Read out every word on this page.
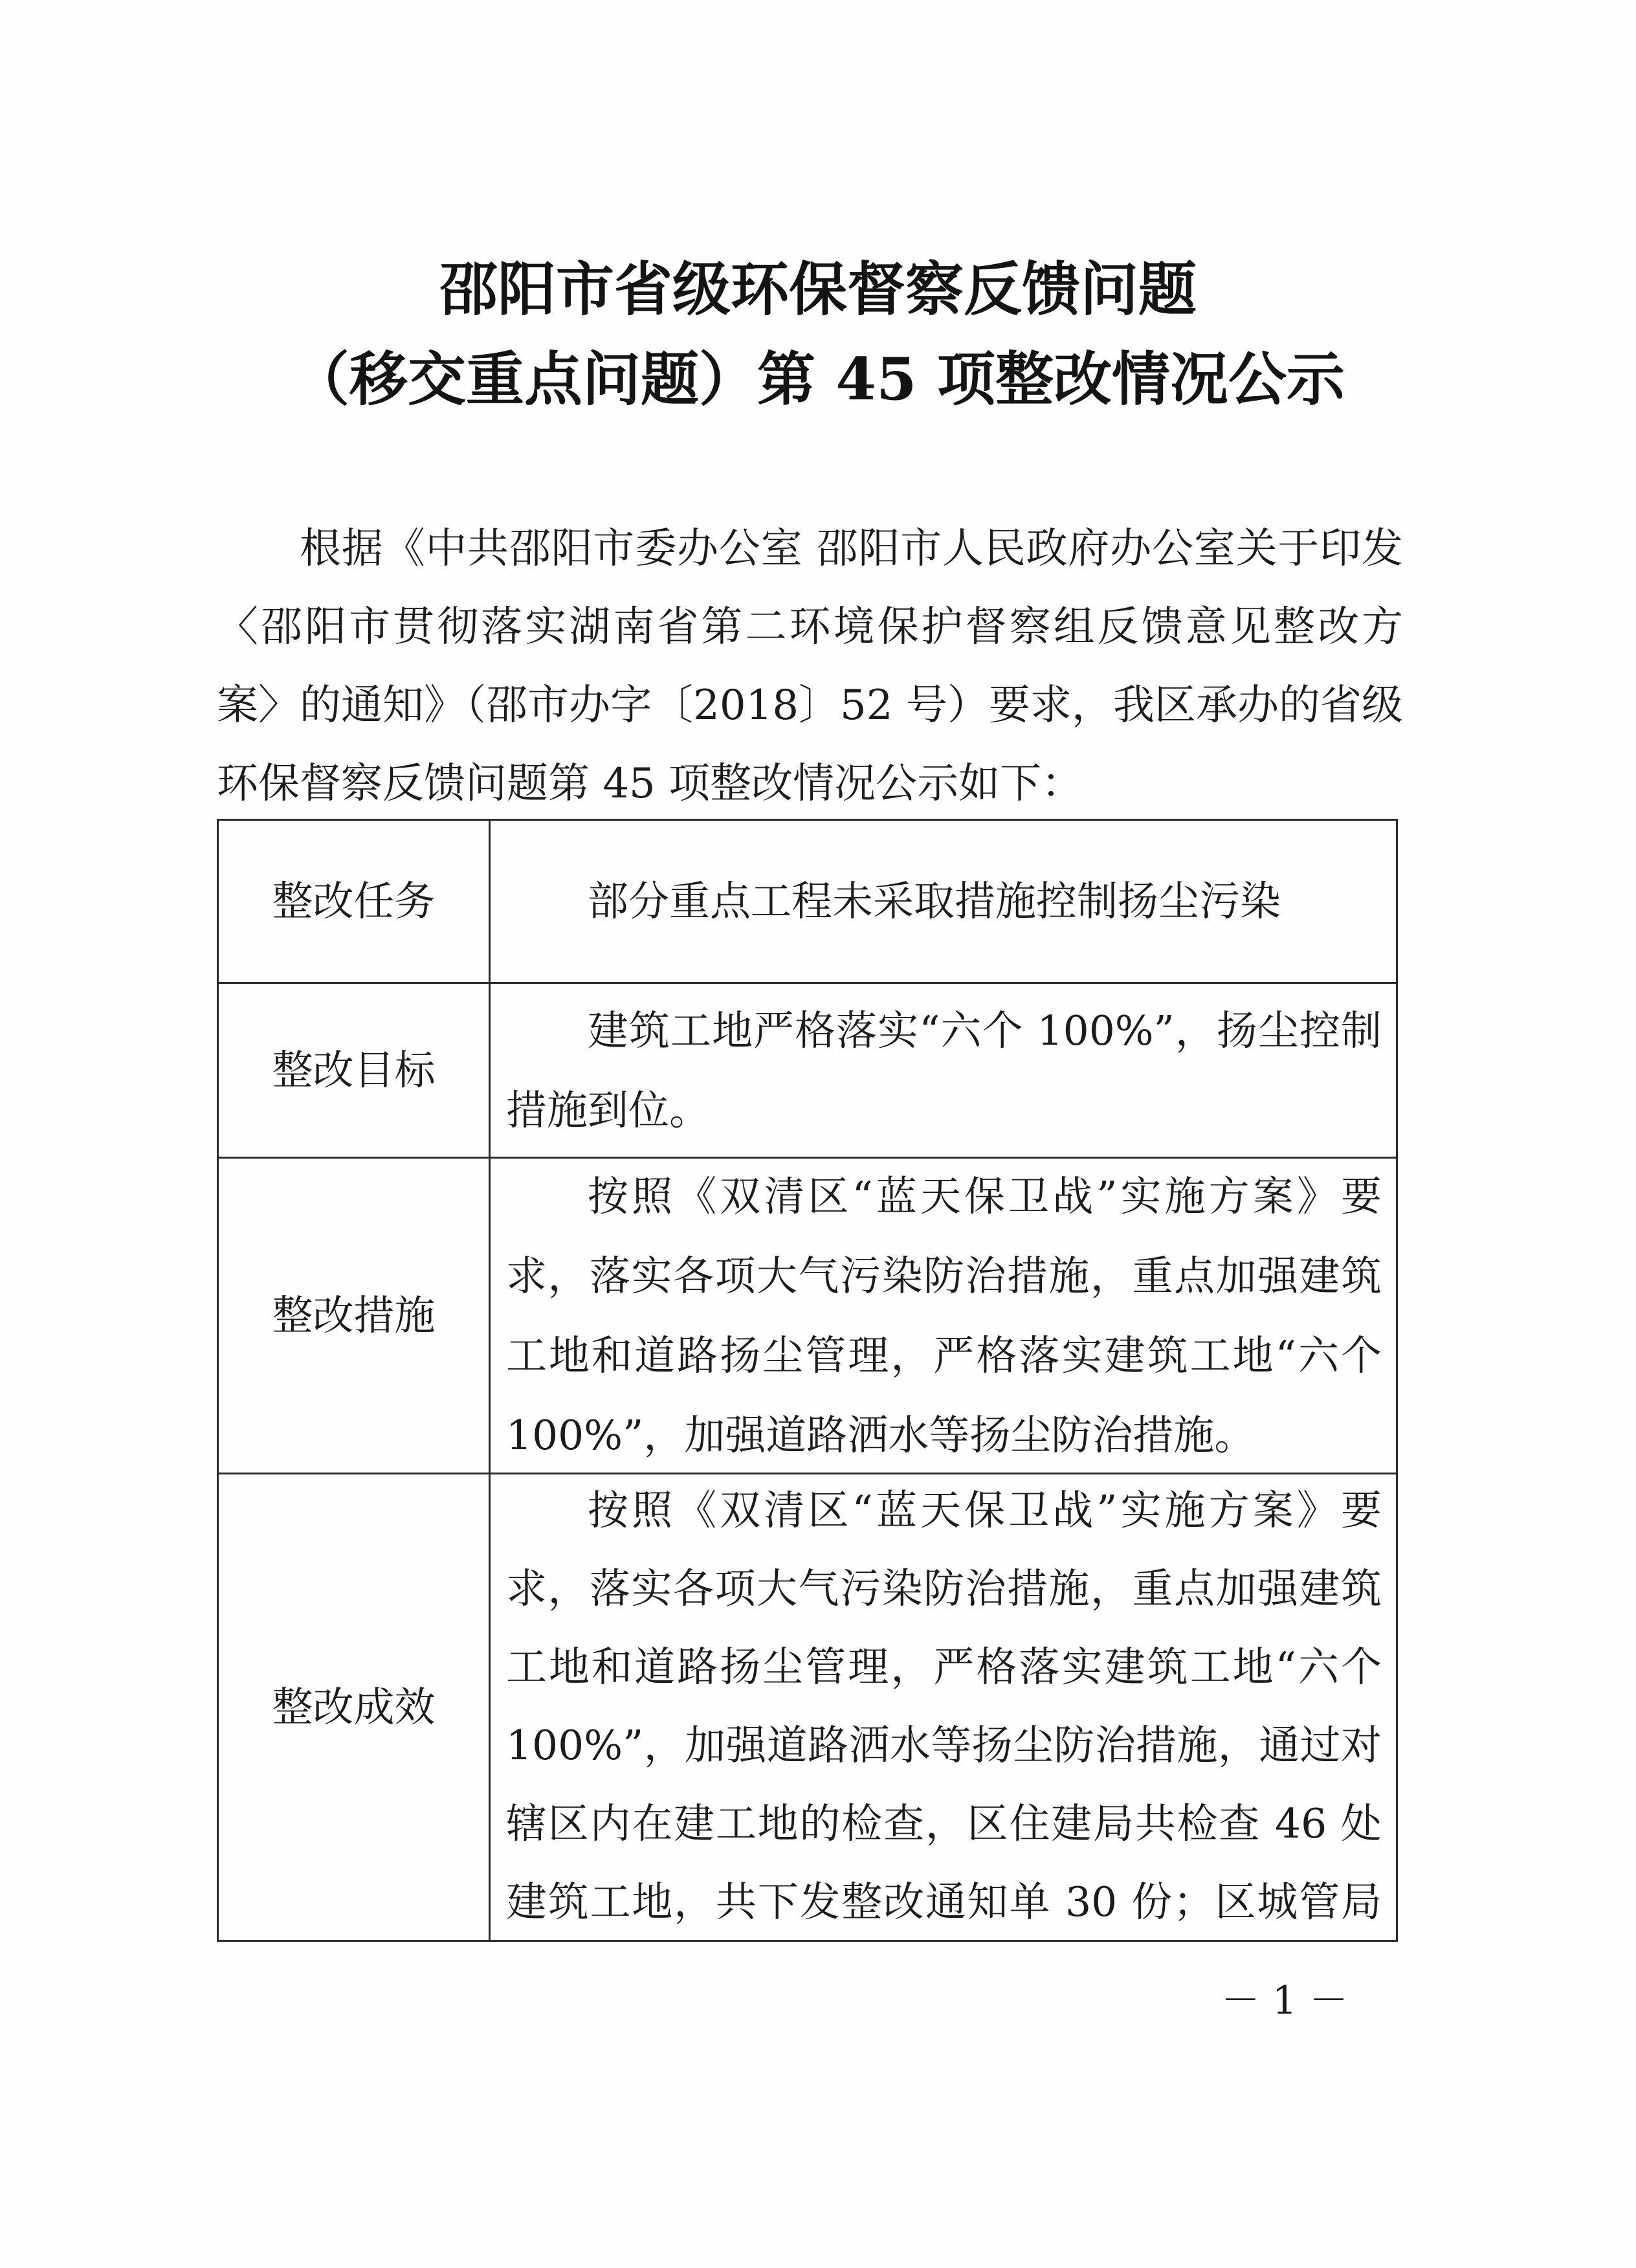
邵阳市省级环保督察反馈问题
（移交重点问题）第 45 项整改情况公示
根据《中共邵阳市委办公室 邵阳市人民政府办公室关于印发
〈邵阳市贯彻落实湖南省第二环境保护督察组反馈意见整改方
案〉的通知》（邵市办字〔2018〕52 号）要求，我区承办的省级
环保督察反馈问题第 45 项整改情况公示如下：
整改任务	部分重点工程未采取措施控制扬尘污染
整改目标
建筑工地严格落实“六个 100%”，扬尘控制
措施到位。
整改措施
按照《双清区“蓝天保卫战”实施方案》要
求，落实各项大气污染防治措施，重点加强建筑
工地和道路扬尘管理，严格落实建筑工地“六个
100%”，加强道路洒水等扬尘防治措施。
整改成效
按照《双清区“蓝天保卫战”实施方案》要
求，落实各项大气污染防治措施，重点加强建筑
工地和道路扬尘管理，严格落实建筑工地“六个
100%”，加强道路洒水等扬尘防治措施，通过对
辖区内在建工地的检查，区住建局共检查 46 处
建筑工地，共下发整改通知单 30 份；区城管局
－ 1 －
